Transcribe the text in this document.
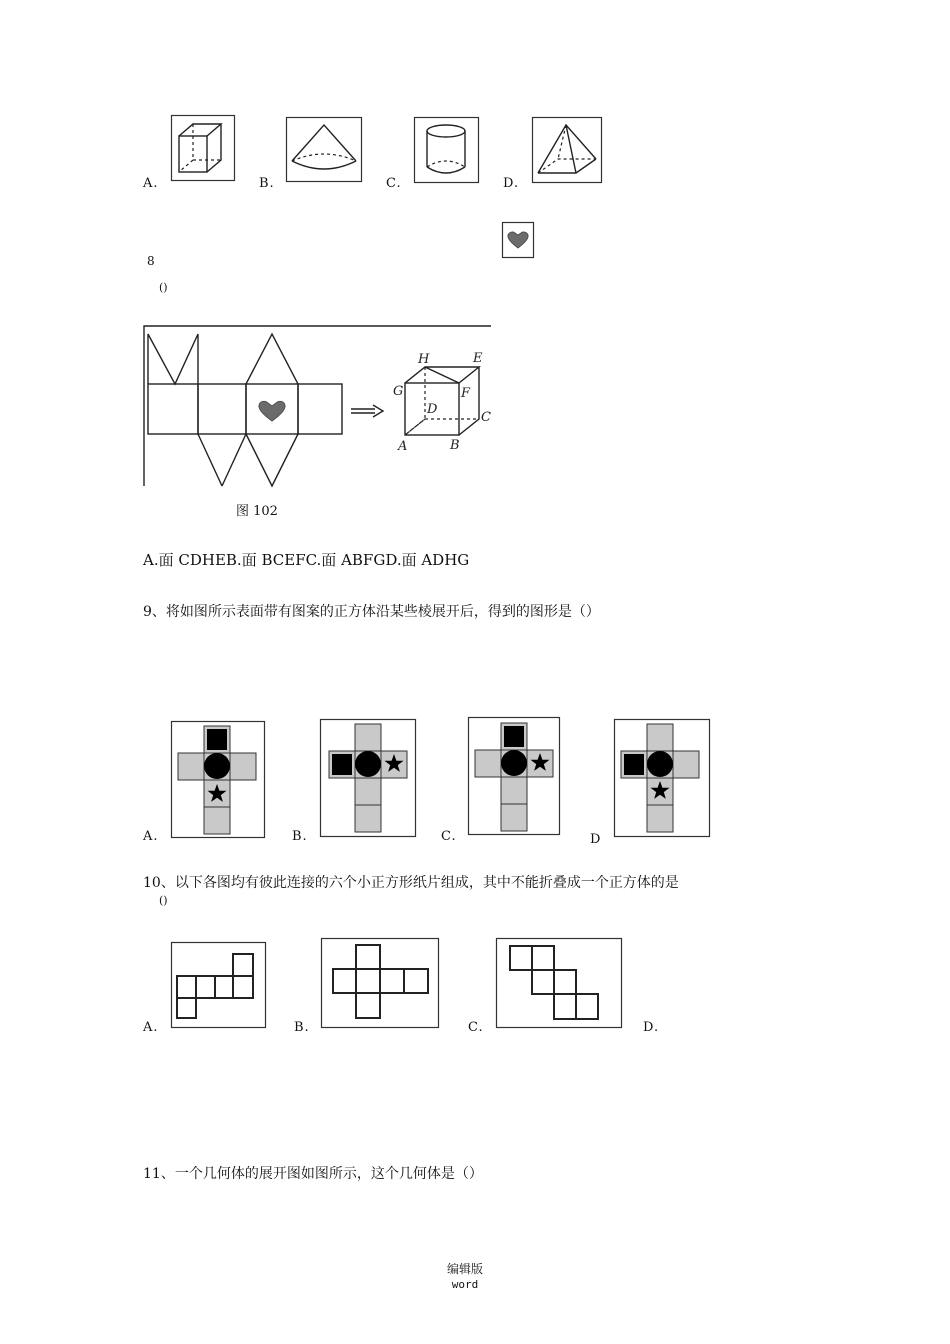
A.	B.	C.	D.
8
()
H	E
G	F
D
C
A	B
图 102
A.面 CDHEB.面 BCEFC.面 ABFGD.面 ADHG
9、将如图所示表面带有图案的正方体沿某些棱展开后，得到的图形是（）
A.	B.	C.	D
10、以下各图均有彼此连接的六个小正方形纸片组成，其中不能折叠成一个正方体的是
()
A.	B.	C.	D.
11、一个几何体的展开图如图所示，这个几何体是（）
编辑版
word
